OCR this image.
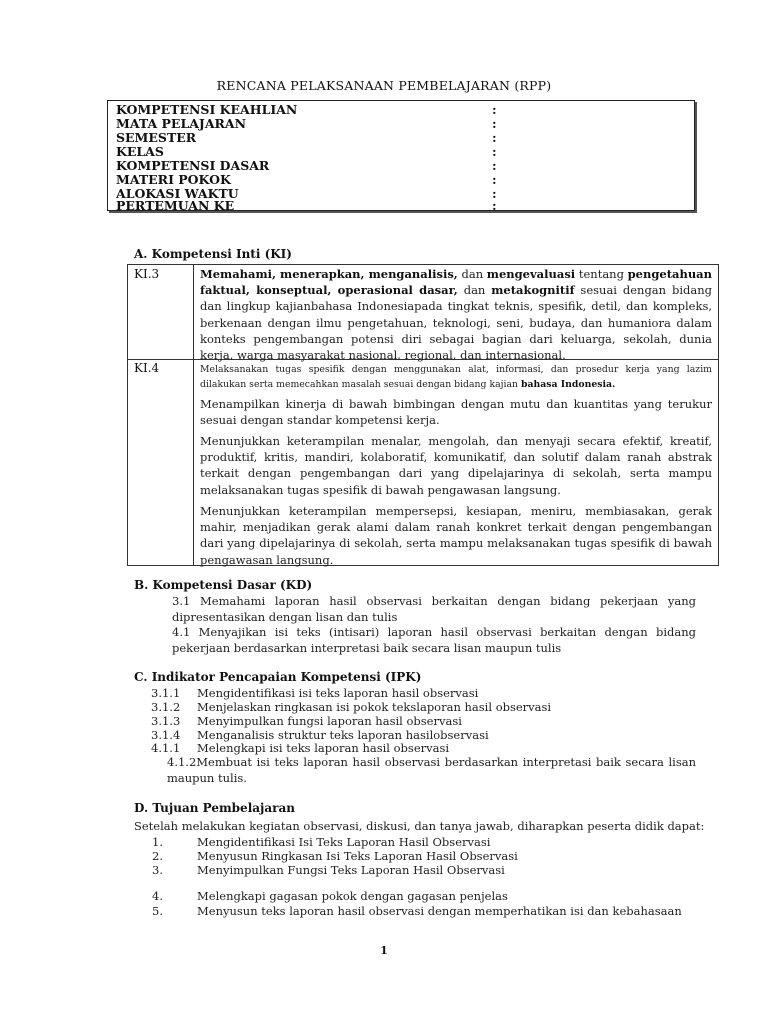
RENCANA PELAKSANAAN PEMBELAJARAN (RPP)
KOMPETENSI KEAHLIAN	:
MATA PELAJARAN	:
SEMESTER	:
KELAS	:
KOMPETENSI DASAR	:
MATERI POKOK	:
ALOKASI WAKTU	:
PERTEMUAN KE	:
A. Kompetensi Inti (KI)
KI.3	Memahami, menerapkan, menganalisis, dan mengevaluasi tentang pengetahuan faktual, konseptual, operasional dasar, dan metakognitif sesuai dengan bidang dan lingkup kajianbahasa Indonesiapada tingkat teknis, spesifik, detil, dan kompleks, berkenaan dengan ilmu pengetahuan, teknologi, seni, budaya, dan humaniora dalam konteks pengembangan potensi diri sebagai bagian dari keluarga, sekolah, dunia kerja, warga masyarakat nasional, regional, dan internasional.
KI.4	Melaksanakan tugas spesifik dengan menggunakan alat, informasi, dan prosedur kerja yang lazim dilakukan serta memecahkan masalah sesuai dengan bidang kajian bahasa Indonesia.
Menampilkan kinerja di bawah bimbingan dengan mutu dan kuantitas yang terukur sesuai dengan standar kompetensi kerja.
Menunjukkan keterampilan menalar, mengolah, dan menyaji secara efektif, kreatif, produktif, kritis, mandiri, kolaboratif, komunikatif, dan solutif dalam ranah abstrak terkait dengan pengembangan dari yang dipelajarinya di sekolah, serta mampu melaksanakan tugas spesifik di bawah pengawasan langsung.
Menunjukkan keterampilan mempersepsi, kesiapan, meniru, membiasakan, gerak mahir, menjadikan gerak alami dalam ranah konkret terkait dengan pengembangan dari yang dipelajarinya di sekolah, serta mampu melaksanakan tugas spesifik di bawah pengawasan langsung.
B. Kompetensi Dasar (KD)
3.1 Memahami laporan hasil observasi berkaitan dengan bidang pekerjaan yang dipresentasikan dengan lisan dan tulis
4.1 Menyajikan isi teks (intisari) laporan hasil observasi berkaitan dengan bidang pekerjaan berdasarkan interpretasi baik secara lisan maupun tulis
C. Indikator Pencapaian Kompetensi (IPK)
3.1.1 Mengidentifikasi isi teks laporan hasil observasi
3.1.2 Menjelaskan ringkasan isi pokok tekslaporan hasil observasi
3.1.3 Menyimpulkan fungsi laporan hasil observasi
3.1.4 Menganalisis struktur teks laporan hasilobservasi
4.1.1 Melengkapi isi teks laporan hasil observasi
4.1.2Membuat isi teks laporan hasil observasi berdasarkan interpretasi baik secara lisan maupun tulis.
D. Tujuan Pembelajaran
Setelah melakukan kegiatan observasi, diskusi, dan tanya jawab, diharapkan peserta didik dapat:
1.	Mengidentifikasi Isi Teks Laporan Hasil Observasi
2.	Menyusun Ringkasan Isi Teks Laporan Hasil Observasi
3.	Menyimpulkan Fungsi Teks Laporan Hasil Observasi
4.	Melengkapi gagasan pokok dengan gagasan penjelas
5.	Menyusun teks laporan hasil observasi dengan memperhatikan isi dan kebahasaan
1
